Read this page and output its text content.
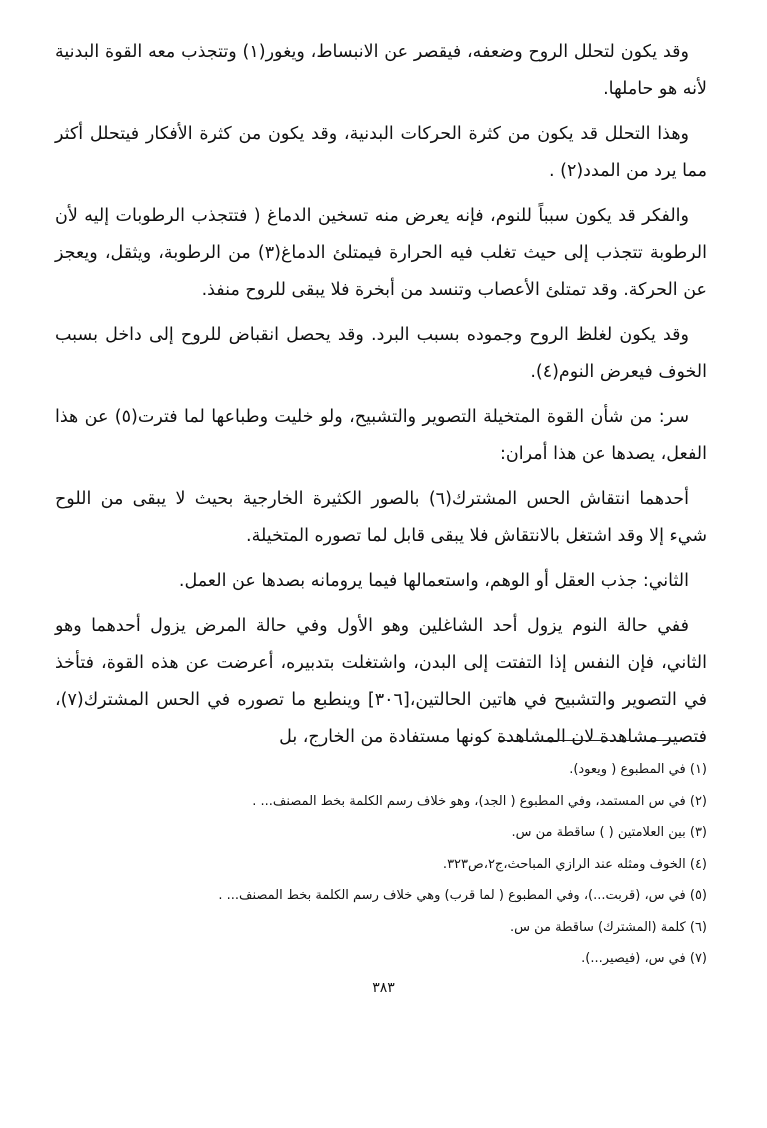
وقد يكون لتحلل الروح وضعفه، فيقصر عن الانبساط، ويغور(١) وتتجذب معه القوة البدنية لأنه هو حاملها.

وهذا التحلل قد يكون من كثرة الحركات البدنية، وقد يكون من كثرة الأفكار فيتحلل أكثر مما يرد من المدد(٢) .

والفكر قد يكون سبباً للنوم، فإنه يعرض منه تسخين الدماغ ( فتتجذب الرطوبات إليه لأن الرطوبة تتجذب إلى حيث تغلب فيه الحرارة فيمتلئ الدماغ(٣) من الرطوبة، ويثقل، ويعجز عن الحركة. وقد تمتلئ الأعصاب وتنسد من أبخرة فلا يبقى للروح منفذ.

وقد يكون لغلظ الروح وجموده بسبب البرد. وقد يحصل انقباض للروح إلى داخل بسبب الخوف فيعرض النوم(٤).

سر: من شأن القوة المتخيلة التصوير والتشبيح، ولو خليت وطباعها لما فترت(٥) عن هذا الفعل، يصدها عن هذا أمران:

أحدهما انتقاش الحس المشترك(٦) بالصور الكثيرة الخارجية بحيث لا يبقى من اللوح شيء إلا وقد اشتغل بالانتقاش فلا يبقى قابل لما تصوره المتخيلة.

الثاني: جذب العقل أو الوهم، واستعمالها فيما يرومانه بصدها عن العمل.

ففي حالة النوم يزول أحد الشاغلين وهو الأول وفي حالة المرض يزول أحدهما وهو الثاني، فإن النفس إذا التفتت إلى البدن، واشتغلت بتدبيره، أعرضت عن هذه القوة، فتأخذ في التصوير والتشبيح في هاتين الحالتين،[٣٠٦] وينطبع ما تصوره في الحس المشترك(٧)، فتصير مشاهدة لان المشاهدة كونها مستفادة من الخارج، بل

(١) في المطبوع ( ويعود).
(٢) في س المستمد، وفي المطبوع ( الجد)، وهو خلاف رسم الكلمة بخط المصنف... .
(٣) بين العلامتين ( ) ساقطة من س.
(٤) الخوف ومثله عند الرازي المباحث،ج٢،ص٣٢٣.
(٥) في س، (قربت...)، وفي المطبوع ( لما قرب) وهي خلاف رسم الكلمة بخط المصنف... .
(٦) كلمة (المشترك) ساقطة من س.
(٧) في س، (فيصير...).
٣٨٣
